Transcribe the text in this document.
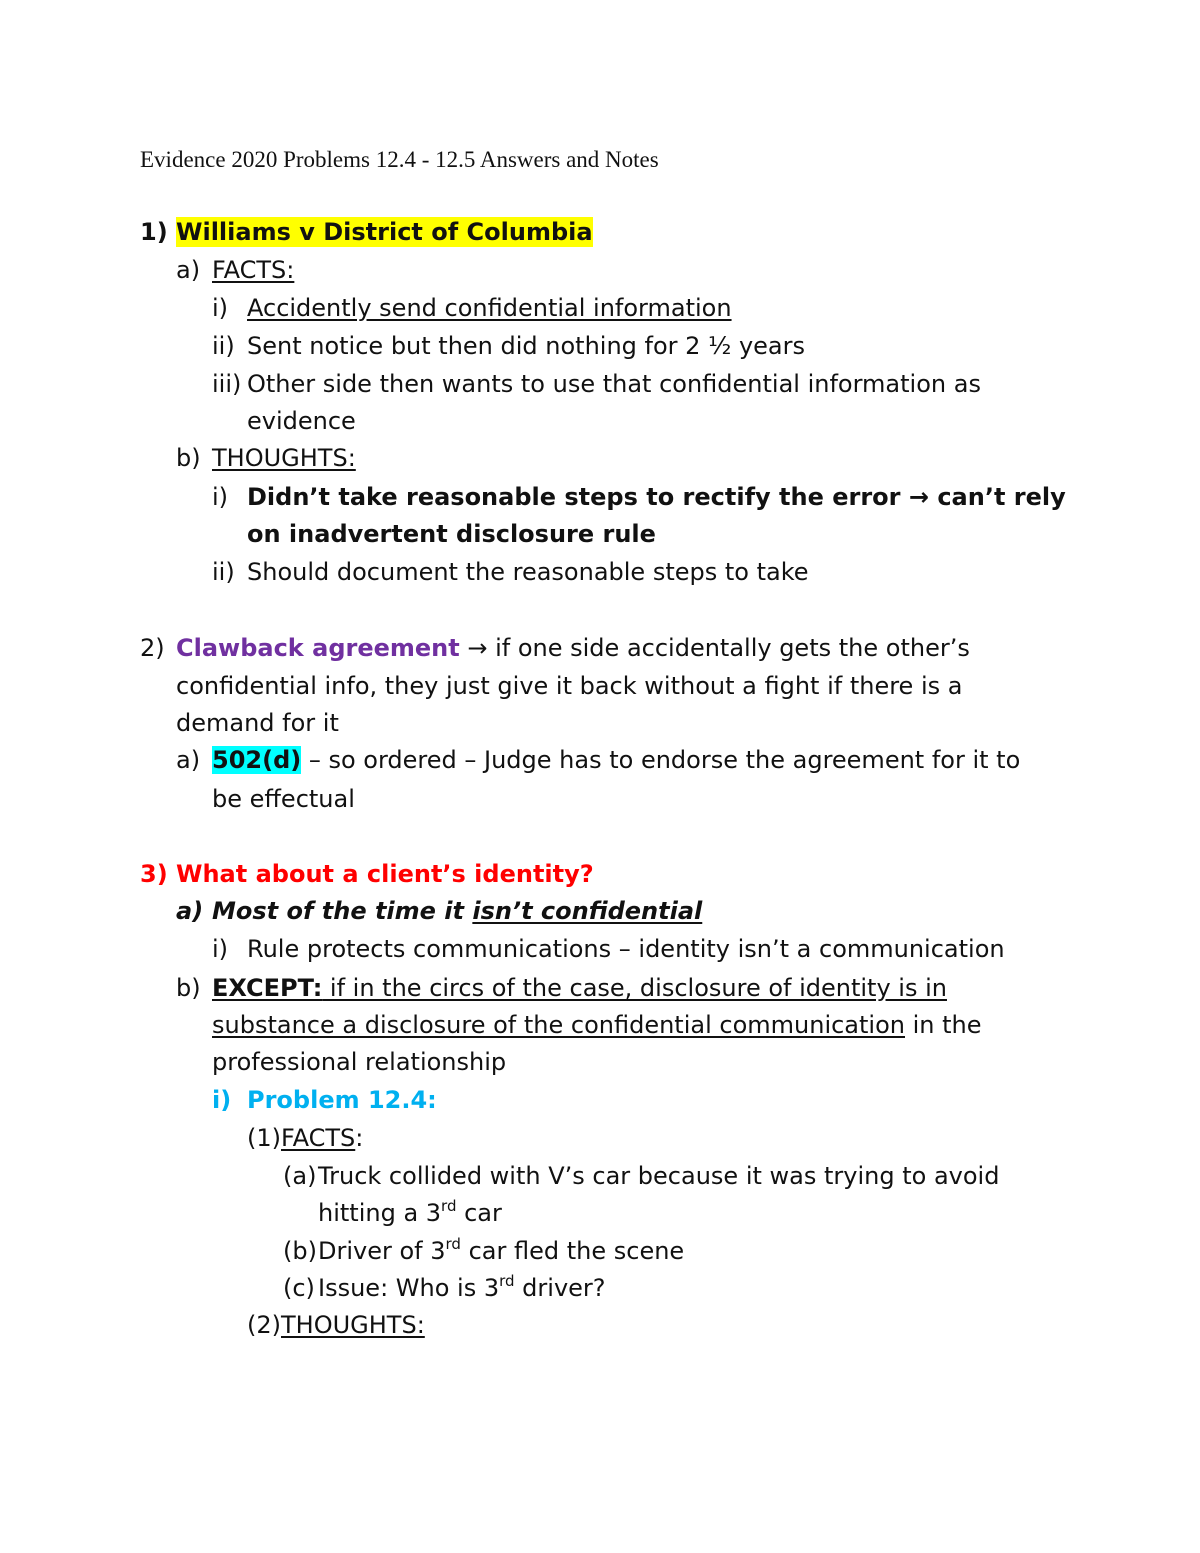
Evidence 2020 Problems 12.4 - 12.5 Answers and Notes
1) Williams v District of Columbia
a) FACTS:
i) Accidently send confidential information
ii) Sent notice but then did nothing for 2 ½ years
iii) Other side then wants to use that confidential information as
evidence
b) THOUGHTS:
i) Didn’t take reasonable steps to rectify the error → can’t rely
on inadvertent disclosure rule
ii) Should document the reasonable steps to take
2) Clawback agreement → if one side accidentally gets the other’s
confidential info, they just give it back without a fight if there is a
demand for it
a) 502(d) – so ordered – Judge has to endorse the agreement for it to
be effectual
3) What about a client’s identity?
a) Most of the time it isn’t confidential
i) Rule protects communications – identity isn’t a communication
b) EXCEPT: if in the circs of the case, disclosure of identity is in
substance a disclosure of the confidential communication in the
professional relationship
i) Problem 12.4:
(1)FACTS:
(a) Truck collided with V’s car because it was trying to avoid
hitting a 3rd car
(b) Driver of 3rd car fled the scene
(c) Issue: Who is 3rd driver?
(2)THOUGHTS:
